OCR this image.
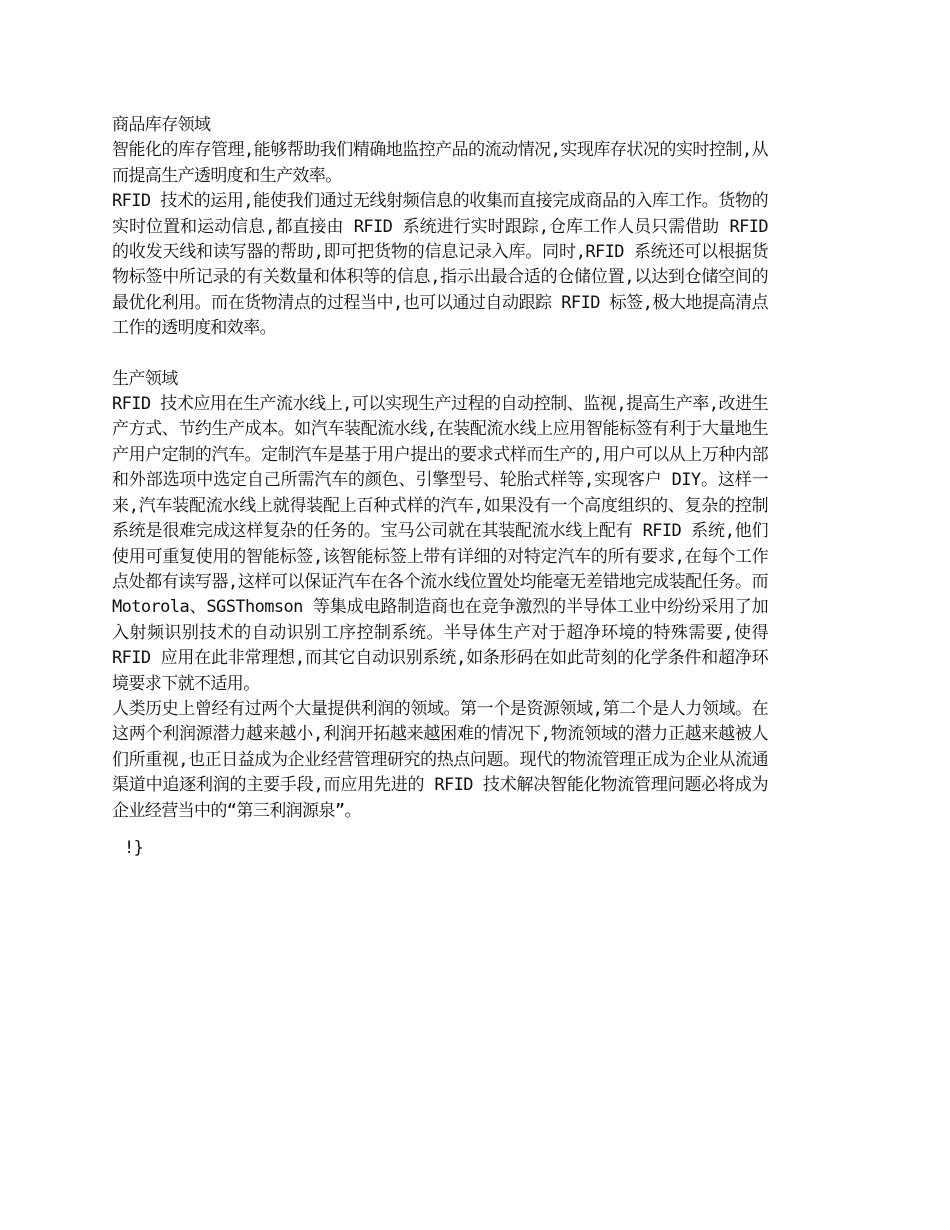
商品库存领域

智能化的库存管理,能够帮助我们精确地监控产品的流动情况,实现库存状况的实时控制,从而提高生产透明度和生产效率。

RFID 技术的运用,能使我们通过无线射频信息的收集而直接完成商品的入库工作。货物的实时位置和运动信息,都直接由 RFID 系统进行实时跟踪,仓库工作人员只需借助 RFID 的收发天线和读写器的帮助,即可把货物的信息记录入库。同时,RFID 系统还可以根据货物标签中所记录的有关数量和体积等的信息,指示出最合适的仓储位置,以达到仓储空间的最优化利用。而在货物清点的过程当中,也可以通过自动跟踪 RFID 标签,极大地提高清点工作的透明度和效率。

生产领域

RFID 技术应用在生产流水线上,可以实现生产过程的自动控制、监视,提高生产率,改进生产方式、节约生产成本。如汽车装配流水线,在装配流水线上应用智能标签有利于大量地生产用户定制的汽车。定制汽车是基于用户提出的要求式样而生产的,用户可以从上万种内部和外部选项中选定自己所需汽车的颜色、引擎型号、轮胎式样等,实现客户 DIY。这样一来,汽车装配流水线上就得装配上百种式样的汽车,如果没有一个高度组织的、复杂的控制系统是很难完成这样复杂的任务的。宝马公司就在其装配流水线上配有 RFID 系统,他们使用可重复使用的智能标签,该智能标签上带有详细的对特定汽车的所有要求,在每个工作点处都有读写器,这样可以保证汽车在各个流水线位置处均能毫无差错地完成装配任务。而 Motorola、SGSThomson 等集成电路制造商也在竞争激烈的半导体工业中纷纷采用了加入射频识别技术的自动识别工序控制系统。半导体生产对于超净环境的特殊需要,使得 RFID 应用在此非常理想,而其它自动识别系统,如条形码在如此苛刻的化学条件和超净环境要求下就不适用。

人类历史上曾经有过两个大量提供利润的领域。第一个是资源领域,第二个是人力领域。在这两个利润源潜力越来越小,利润开拓越来越困难的情况下,物流领域的潜力正越来越被人们所重视,也正日益成为企业经营管理研究的热点问题。现代的物流管理正成为企业从流通渠道中追逐利润的主要手段,而应用先进的 RFID 技术解决智能化物流管理问题必将成为企业经营当中的“第三利润源泉”。

!}
